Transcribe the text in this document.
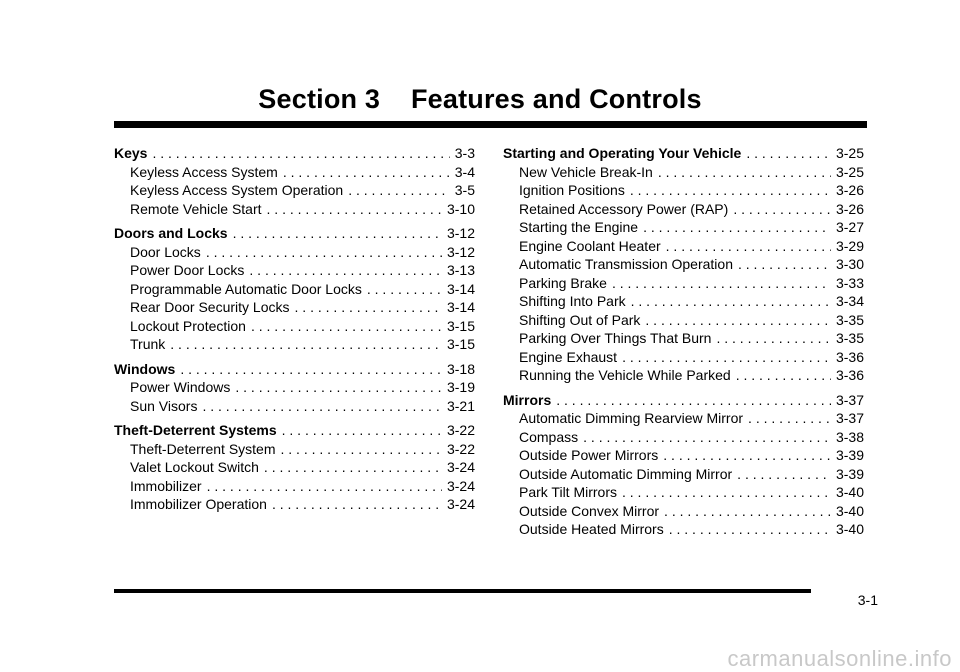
Section 3    Features and Controls
Keys . . .	3-3
Keyless Access System . . .	3-4
Keyless Access System Operation . . .	3-5
Remote Vehicle Start . . .	3-10
Doors and Locks . . .	3-12
Door Locks . . .	3-12
Power Door Locks . . .	3-13
Programmable Automatic Door Locks . . .	3-14
Rear Door Security Locks . . .	3-14
Lockout Protection . . .	3-15
Trunk . . .	3-15
Windows . . .	3-18
Power Windows . . .	3-19
Sun Visors . . .	3-21
Theft-Deterrent Systems . . .	3-22
Theft-Deterrent System . . .	3-22
Valet Lockout Switch . . .	3-24
Immobilizer . . .	3-24
Immobilizer Operation . . .	3-24
Starting and Operating Your Vehicle . . .	3-25
New Vehicle Break-In . . .	3-25
Ignition Positions . . .	3-26
Retained Accessory Power (RAP) . . .	3-26
Starting the Engine . . .	3-27
Engine Coolant Heater . . .	3-29
Automatic Transmission Operation . . .	3-30
Parking Brake . . .	3-33
Shifting Into Park . . .	3-34
Shifting Out of Park . . .	3-35
Parking Over Things That Burn . . .	3-35
Engine Exhaust . . .	3-36
Running the Vehicle While Parked . . .	3-36
Mirrors . . .	3-37
Automatic Dimming Rearview Mirror . . .	3-37
Compass . . .	3-38
Outside Power Mirrors . . .	3-39
Outside Automatic Dimming Mirror . . .	3-39
Park Tilt Mirrors . . .	3-40
Outside Convex Mirror . . .	3-40
Outside Heated Mirrors . . .	3-40
3-1
carmanualsonline.info
